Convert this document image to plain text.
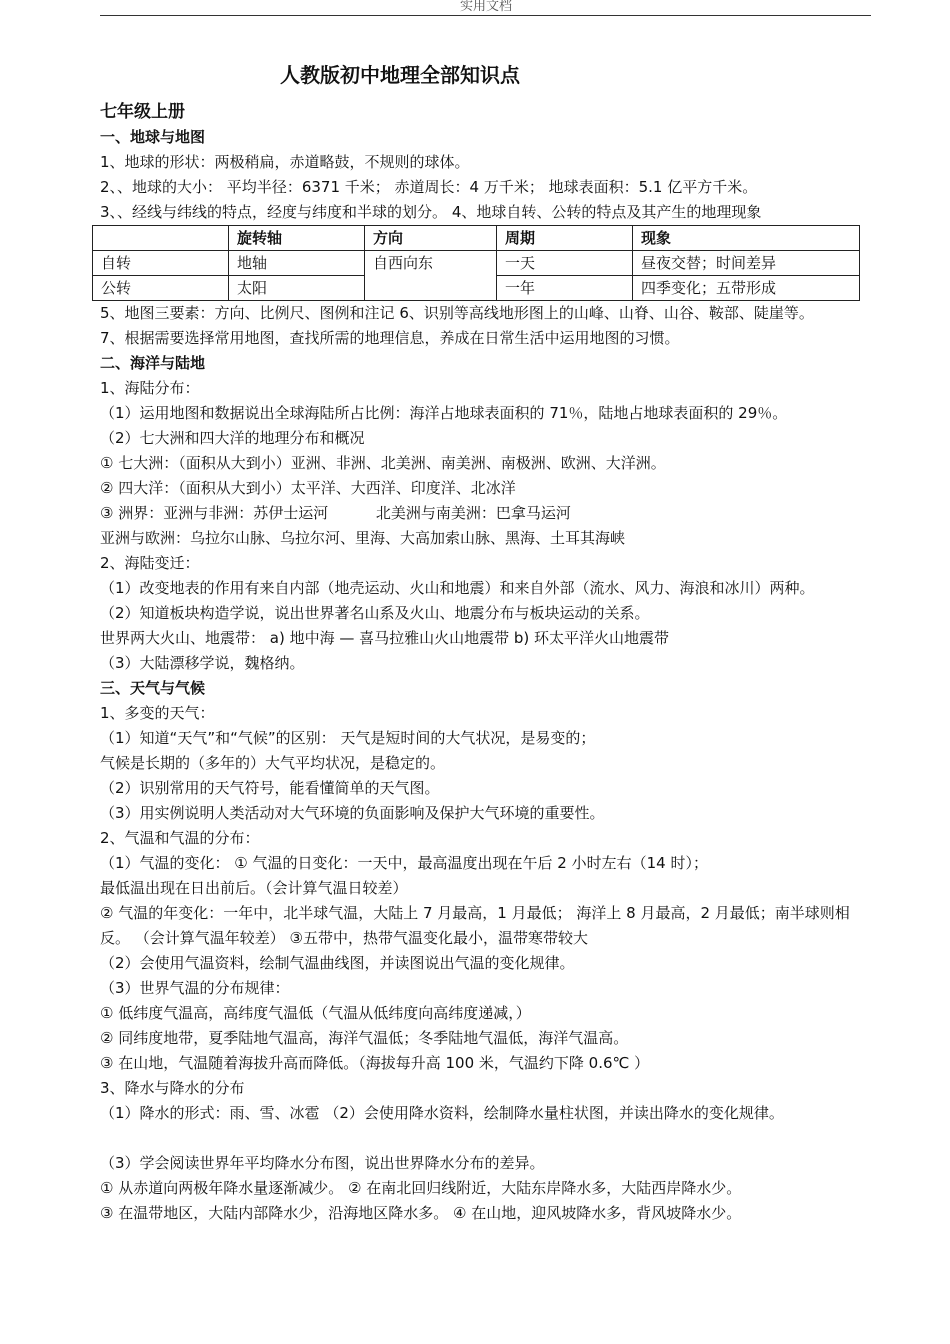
实用文档
人教版初中地理全部知识点

七年级上册

一、地球与地图

1、地球的形状：两极稍扁，赤道略鼓，不规则的球体。

2、、地球的大小： 平均半径：6371 千米； 赤道周长：4 万千米； 地球表面积：5.1 亿平方千米。

3、、经线与纬线的特点，经度与纬度和半球的划分。 4、地球自转、公转的特点及其产生的地理现象

	旋转轴	方向	周期	现象
自转	地轴	自西向东	一天	昼夜交替；时间差异
公转	太阳		一年	四季变化；五带形成

5、地图三要素：方向、比例尺、图例和注记 6、识别等高线地形图上的山峰、山脊、山谷、鞍部、陡崖等。

7、根据需要选择常用地图，查找所需的地理信息，养成在日常生活中运用地图的习惯。

二、海洋与陆地

1、海陆分布：

（1）运用地图和数据说出全球海陆所占比例：海洋占地球表面积的 71％，陆地占地球表面积的 29％。

（2）七大洲和四大洋的地理分布和概况

① 七大洲：（面积从大到小）亚洲、非洲、北美洲、南美洲、南极洲、欧洲、大洋洲。

② 四大洋：（面积从大到小）太平洋、大西洋、印度洋、北冰洋

③ 洲界：亚洲与非洲：苏伊士运河          北美洲与南美洲：巴拿马运河

亚洲与欧洲：乌拉尔山脉、乌拉尔河、里海、大高加索山脉、黑海、土耳其海峡

2、海陆变迁：

（1）改变地表的作用有来自内部（地壳运动、火山和地震）和来自外部（流水、风力、海浪和冰川）两种。

（2）知道板块构造学说，说出世界著名山系及火山、地震分布与板块运动的关系。

世界两大火山、地震带： a) 地中海 — 喜马拉雅山火山地震带 b) 环太平洋火山地震带

（3）大陆漂移学说，魏格纳。

三、天气与气候

1、多变的天气：

（1）知道“天气”和“气候”的区别： 天气是短时间的大气状况，是易变的；

气候是长期的（多年的）大气平均状况，是稳定的。

（2）识别常用的天气符号，能看懂简单的天气图。

（3）用实例说明人类活动对大气环境的负面影响及保护大气环境的重要性。

2、气温和气温的分布：

（1）气温的变化： ① 气温的日变化：一天中，最高温度出现在午后 2 小时左右（14 时）；

最低温出现在日出前后。（会计算气温日较差）

② 气温的年变化：一年中，北半球气温，大陆上 7 月最高，1 月最低； 海洋上 8 月最高，2 月最低；南半球则相反。 （会计算气温年较差） ③五带中，热带气温变化最小，温带寒带较大

（2）会使用气温资料，绘制气温曲线图，并读图说出气温的变化规律。

（3）世界气温的分布规律：

① 低纬度气温高，高纬度气温低（气温从低纬度向高纬度递减，）

② 同纬度地带，夏季陆地气温高，海洋气温低；冬季陆地气温低，海洋气温高。

③ 在山地，气温随着海拔升高而降低。（海拔每升高 100 米，气温约下降 0.6℃ ）

3、降水与降水的分布

（1）降水的形式：雨、雪、冰雹 （2）会使用降水资料，绘制降水量柱状图，并读出降水的变化规律。

（3）学会阅读世界年平均降水分布图，说出世界降水分布的差异。

① 从赤道向两极年降水量逐渐减少。 ② 在南北回归线附近，大陆东岸降水多，大陆西岸降水少。

③ 在温带地区，大陆内部降水少，沿海地区降水多。 ④ 在山地，迎风坡降水多，背风坡降水少。
